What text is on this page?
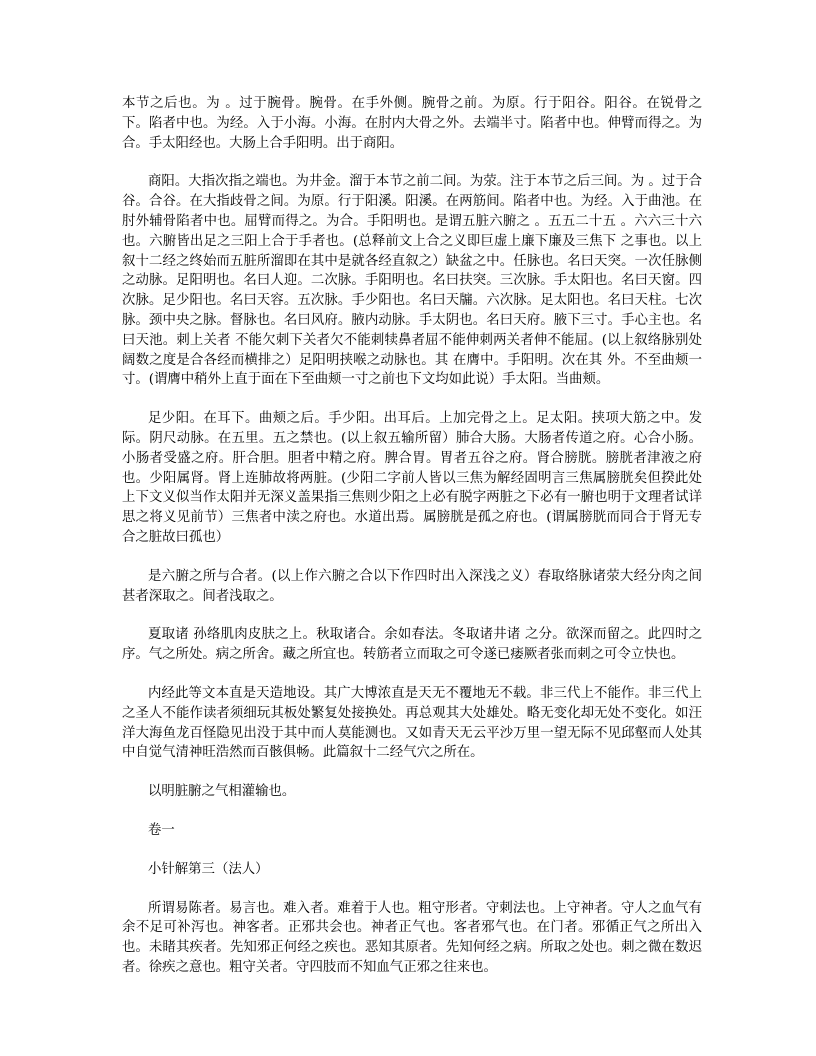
本节之后也。为 。过于腕骨。腕骨。在手外侧。腕骨之前。为原。行于阳谷。阳谷。在锐骨之下。陷者中也。为经。入于小海。小海。在肘内大骨之外。去端半寸。陷者中也。伸臂而得之。为合。手太阳经也。大肠上合手阳明。出于商阳。

商阳。大指次指之端也。为井金。溜于本节之前二间。为荥。注于本节之后三间。为 。过于合谷。合谷。在大指歧骨之间。为原。行于阳溪。阳溪。在两筋间。陷者中也。为经。入于曲池。在肘外辅骨陷者中也。屈臂而得之。为合。手阳明也。是谓五脏六腑之 。五五二十五 。六六三十六 也。六腑皆出足之三阳上合于手者也。(总释前文上合之义即巨虚上廉下廉及三焦下 之事也。以上叙十二经之终始而五脏所溜即在其中是就各经直叙之）缺盆之中。任脉也。名曰天突。一次任脉侧之动脉。足阳明也。名曰人迎。二次脉。手阳明也。名曰扶突。三次脉。手太阳也。名曰天窗。四次脉。足少阳也。名曰天容。五次脉。手少阳也。名曰天牖。六次脉。足太阳也。名曰天柱。七次脉。颈中央之脉。督脉也。名曰风府。腋内动脉。手太阴也。名曰天府。腋下三寸。手心主也。名曰天池。刺上关者 不能欠刺下关者欠不能刺犊鼻者屈不能伸刺两关者伸不能屈。(以上叙络脉别处阔数之度是合各经而横排之）足阳明挟喉之动脉也。其 在膺中。手阳明。次在其 外。不至曲颊一寸。(谓膺中稍外上直于面在下至曲颊一寸之前也下文均如此说）手太阳。当曲颊。

足少阳。在耳下。曲颊之后。手少阳。出耳后。上加完骨之上。足太阳。挟项大筋之中。发际。阴尺动脉。在五里。五之禁也。(以上叙五输所留）肺合大肠。大肠者传道之府。心合小肠。小肠者受盛之府。肝合胆。胆者中精之府。脾合胃。胃者五谷之府。肾合膀胱。膀胱者津液之府也。少阳属肾。肾上连肺故将两脏。(少阳二字前人皆以三焦为解经固明言三焦属膀胱矣但揆此处上下文义似当作太阳并无深义盖果指三焦则少阳之上必有脱字两脏之下必有一腑也明于文理者试详思之将义见前节）三焦者中渎之府也。水道出焉。属膀胱是孤之府也。(谓属膀胱而同合于肾无专合之脏故曰孤也）

是六腑之所与合者。(以上作六腑之合以下作四时出入深浅之义）春取络脉诸荥大经分肉之间甚者深取之。间者浅取之。

夏取诸 孙络肌肉皮肤之上。秋取诸合。余如春法。冬取诸井诸 之分。欲深而留之。此四时之序。气之所处。病之所舍。藏之所宜也。转筋者立而取之可令遂已痿厥者张而刺之可令立快也。

内经此等文本直是天造地设。其广大博浓直是天无不覆地无不载。非三代上不能作。非三代上之圣人不能作读者须细玩其板处繁复处接换处。再总观其大处雄处。略无变化却无处不变化。如汪洋大海鱼龙百怪隐见出没于其中而人莫能测也。又如青天无云平沙万里一望无际不见邱壑而人处其中自觉气清神旺浩然而百骸俱畅。此篇叙十二经气穴之所在。

以明脏腑之气相灌输也。

卷一

小针解第三（法人）

所谓易陈者。易言也。难入者。难着于人也。粗守形者。守刺法也。上守神者。守人之血气有余不足可补泻也。神客者。正邪共会也。神者正气也。客者邪气也。在门者。邪循正气之所出入也。未睹其疾者。先知邪正何经之疾也。恶知其原者。先知何经之病。所取之处也。刺之微在数迟者。徐疾之意也。粗守关者。守四肢而不知血气正邪之往来也。
